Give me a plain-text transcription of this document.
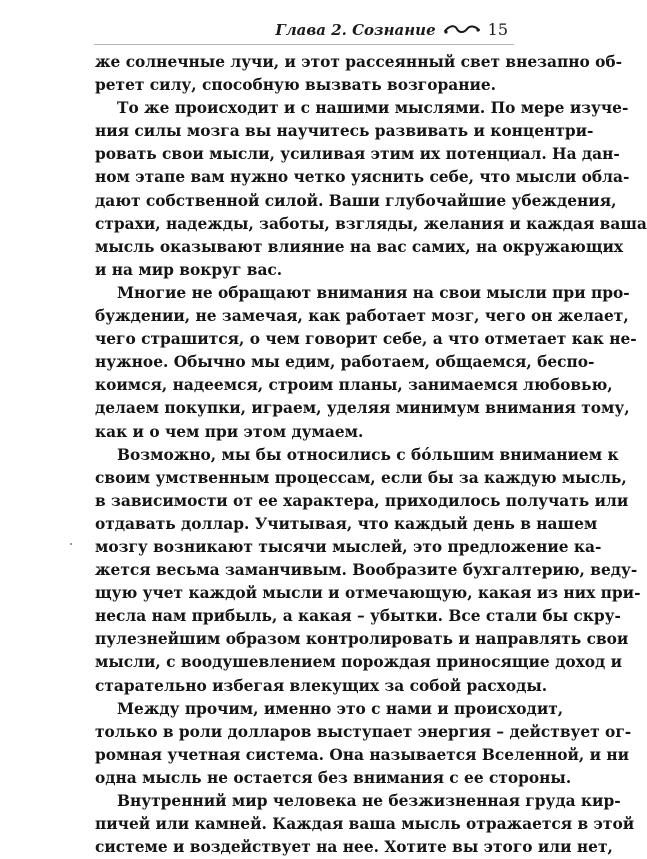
Глава 2. Сознание	15
же солнечные лучи, и этот рассеянный свет внезапно об-
ретет силу, способную вызвать возгорание.
То же происходит и с нашими мыслями. По мере изуче-
ния силы мозга вы научитесь развивать и концентри-
ровать свои мысли, усиливая этим их потенциал. На дан-
ном этапе вам нужно четко уяснить себе, что мысли обла-
дают собственной силой. Ваши глубочайшие убеждения,
страхи, надежды, заботы, взгляды, желания и каждая ваша
мысль оказывают влияние на вас самих, на окружающих
и на мир вокруг вас.
Многие не обращают внимания на свои мысли при про-
буждении, не замечая, как работает мозг, чего он желает,
чего страшится, о чем говорит себе, а что отметает как не-
нужное. Обычно мы едим, работаем, общаемся, беспо-
коимся, надеемся, строим планы, занимаемся любовью,
делаем покупки, играем, уделяя минимум внимания тому,
как и о чем при этом думаем.
Возможно, мы бы относились с бо́льшим вниманием к
своим умственным процессам, если бы за каждую мысль,
в зависимости от ее характера, приходилось получать или
отдавать доллар. Учитывая, что каждый день в нашем
мозгу возникают тысячи мыслей, это предложение ка-
жется весьма заманчивым. Вообразите бухгалтерию, веду-
щую учет каждой мысли и отмечающую, какая из них при-
несла нам прибыль, а какая – убытки. Все стали бы скру-
пулезнейшим образом контролировать и направлять свои
мысли, с воодушевлением порождая приносящие доход и
старательно избегая влекущих за собой расходы.
Между прочим, именно это с нами и происходит,
только в роли долларов выступает энергия – действует ог-
ромная учетная система. Она называется Вселенной, и ни
одна мысль не остается без внимания с ее стороны.
Внутренний мир человека не безжизненная груда кир-
пичей или камней. Каждая ваша мысль отражается в этой
системе и воздействует на нее. Хотите вы этого или нет,
